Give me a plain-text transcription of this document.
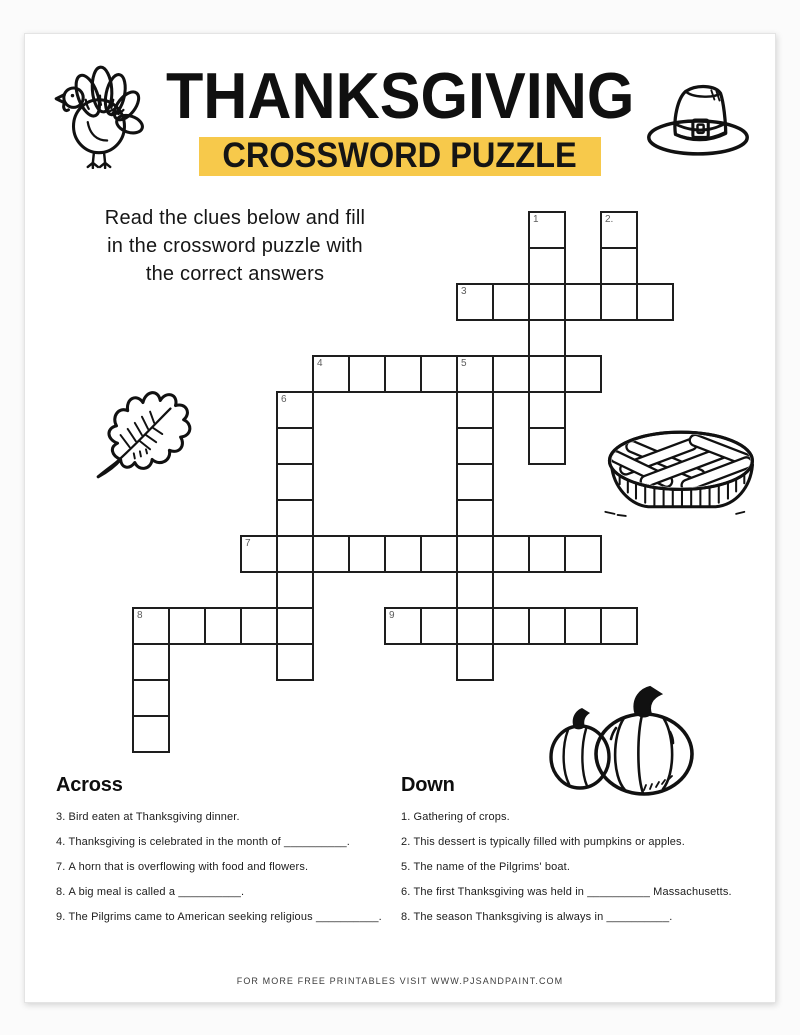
THANKSGIVING
CROSSWORD PUZZLE

Read the clues below and fill
in the crossword puzzle with
the correct answers

1	2.
3
4	5
6
7
8	9
Across
3. Bird eaten at Thanksgiving dinner.
4. Thanksgiving is celebrated in the month of __________.
7. A horn that is overflowing with food and flowers.
8. A big meal is called a __________.
9. The Pilgrims came to American seeking religious __________.
Down
1. Gathering of crops.
2. This dessert is typically filled with pumpkins or apples.
5. The name of the Pilgrims' boat.
6. The first Thanksgiving was held in __________ Massachusetts.
8. The season Thanksgiving is always in __________.
FOR MORE FREE PRINTABLES VISIT WWW.PJSANDPAINT.COM
